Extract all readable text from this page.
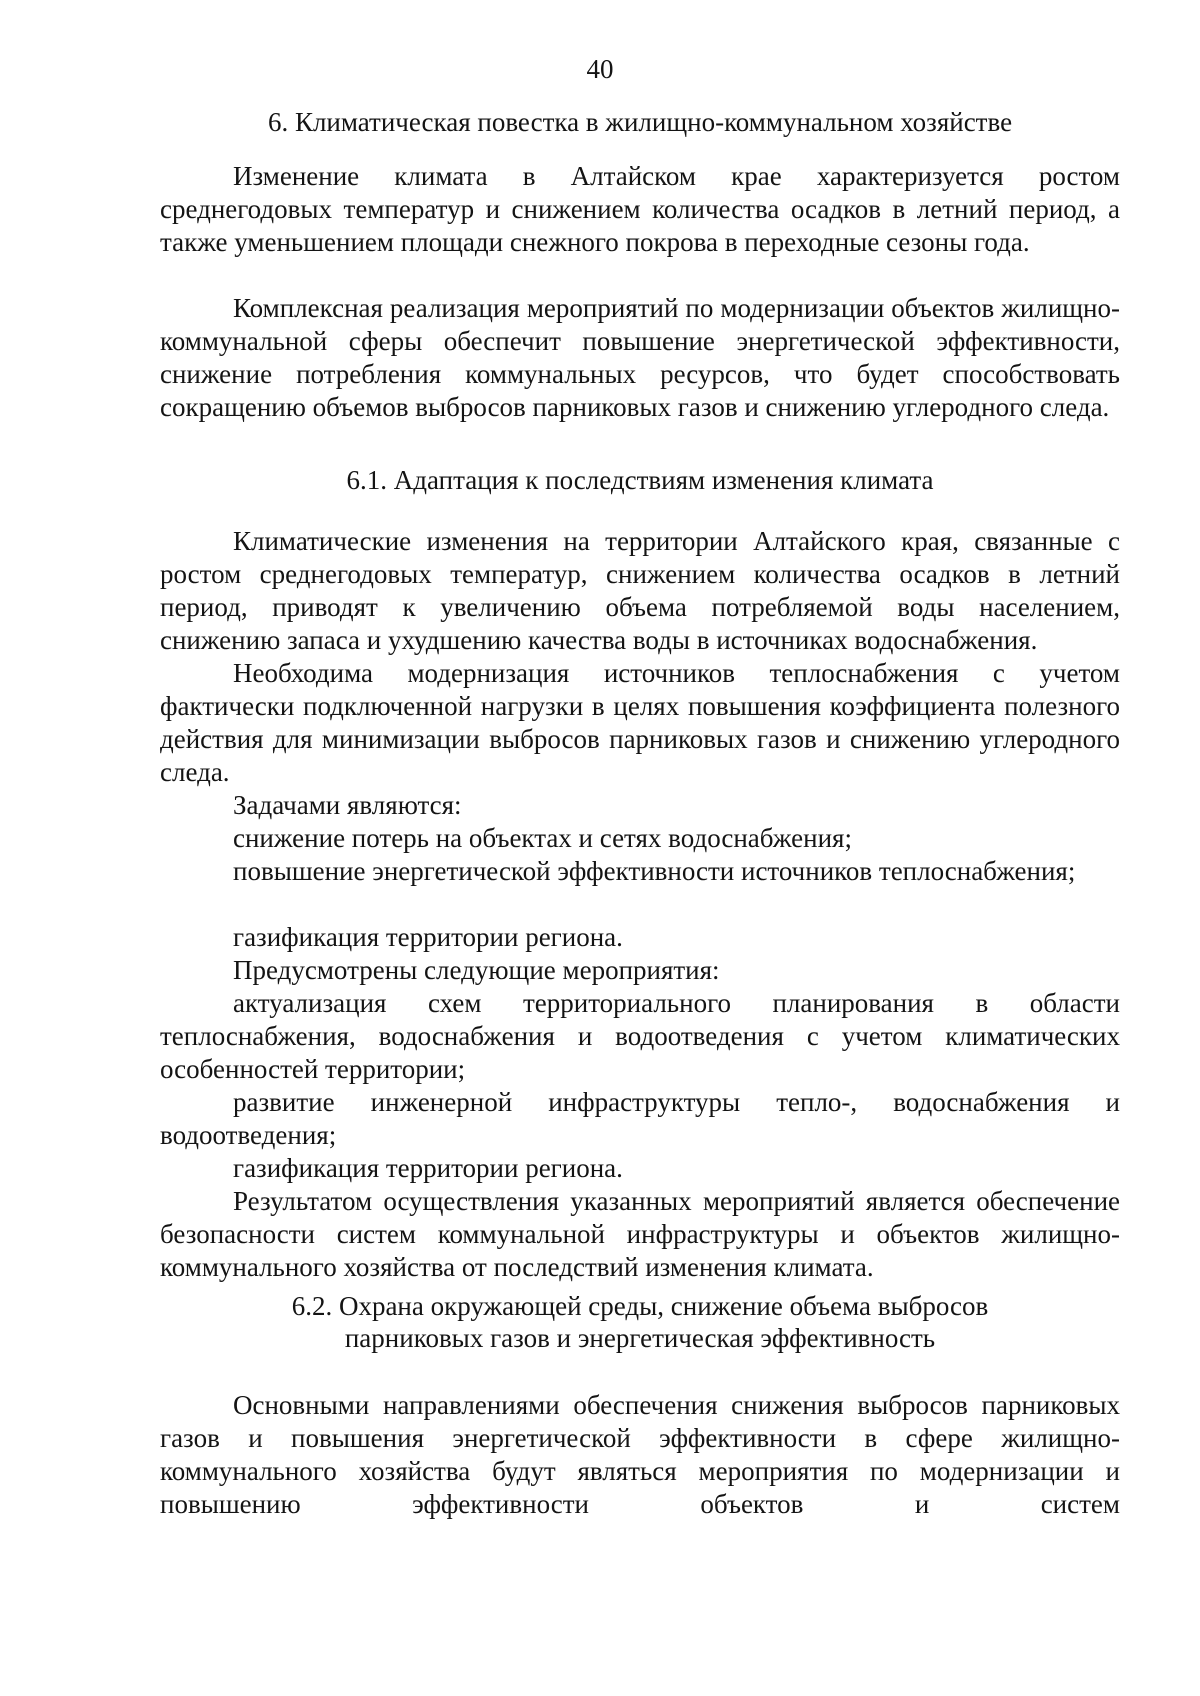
40
6. Климатическая повестка в жилищно-коммунальном хозяйстве

Изменение климата в Алтайском крае характеризуется ростом среднегодовых температур и снижением количества осадков в летний период, а также уменьшением площади снежного покрова в переходные сезоны года.

Комплексная реализация мероприятий по модернизации объектов жилищно-коммунальной сферы обеспечит повышение энергетической эффективности, снижение потребления коммунальных ресурсов, что будет способствовать сокращению объемов выбросов парниковых газов и снижению углеродного следа.

6.1. Адаптация к последствиям изменения климата

Климатические изменения на территории Алтайского края, связанные с ростом среднегодовых температур, снижением количества осадков в летний период, приводят к увеличению объема потребляемой воды населением, снижению запаса и ухудшению качества воды в источниках водоснабжения.

Необходима модернизация источников теплоснабжения с учетом фактически подключенной нагрузки в целях повышения коэффициента полезного действия для минимизации выбросов парниковых газов и снижению углеродного следа.

Задачами являются:

снижение потерь на объектах и сетях водоснабжения;

повышение энергетической эффективности источников теплоснабжения;

газификация территории региона.

Предусмотрены следующие мероприятия:

актуализация схем территориального планирования в области теплоснабжения, водоснабжения и водоотведения с учетом климатических особенностей территории;

развитие инженерной инфраструктуры тепло-, водоснабжения и водоотведения;

газификация территории региона.

Результатом осуществления указанных мероприятий является обеспечение безопасности систем коммунальной инфраструктуры и объектов жилищно-коммунального хозяйства от последствий изменения климата.

6.2. Охрана окружающей среды, снижение объема выбросов
парниковых газов и энергетическая эффективность

Основными направлениями обеспечения снижения выбросов парниковых газов и повышения энергетической эффективности в сфере жилищно-коммунального хозяйства будут являться мероприятия по модернизации и повышению эффективности объектов и систем
